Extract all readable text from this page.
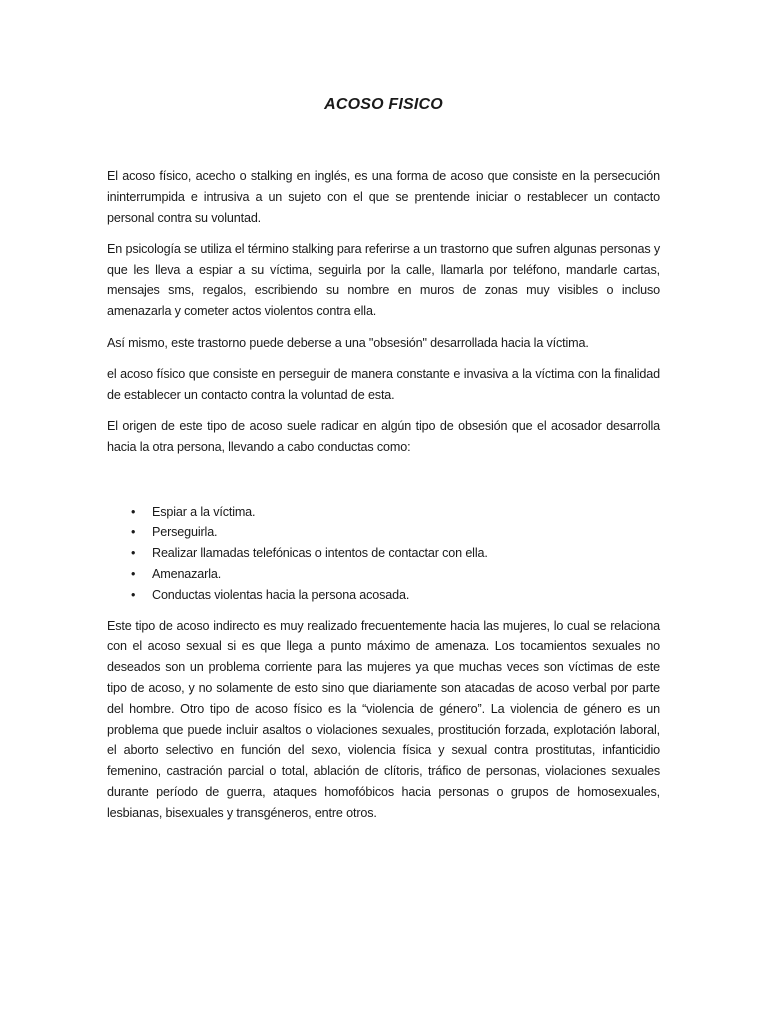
ACOSO FISICO

El acoso físico, acecho o stalking en inglés, es una forma de acoso que consiste en la persecución ininterrumpida e intrusiva a un sujeto con el que se prentende iniciar o restablecer un contacto personal contra su voluntad.

En psicología se utiliza el término stalking para referirse a un trastorno que sufren algunas personas y que les lleva a espiar a su víctima, seguirla por la calle, llamarla por teléfono, mandarle cartas, mensajes sms, regalos, escribiendo su nombre en muros de zonas muy visibles o incluso amenazarla y cometer actos violentos contra ella.

Así mismo, este trastorno puede deberse a una "obsesión" desarrollada hacia la víctima.

el acoso físico que consiste en perseguir de manera constante e invasiva a la víctima con la finalidad de establecer un contacto contra la voluntad de esta.

El origen de este tipo de acoso suele radicar en algún tipo de obsesión que el acosador desarrolla hacia la otra persona, llevando a cabo conductas como:

• Espiar a la víctima.
• Perseguirla.
• Realizar llamadas telefónicas o intentos de contactar con ella.
• Amenazarla.
• Conductas violentas hacia la persona acosada.

Este tipo de acoso indirecto es muy realizado frecuentemente hacia las mujeres, lo cual se relaciona con el acoso sexual si es que llega a punto máximo de amenaza. Los tocamientos sexuales no deseados son un problema corriente para las mujeres ya que muchas veces son víctimas de este tipo de acoso, y no solamente de esto sino que diariamente son atacadas de acoso verbal por parte del hombre. Otro tipo de acoso físico es la “violencia de género”. La violencia de género es un problema que puede incluir asaltos o violaciones sexuales, prostitución forzada, explotación laboral, el aborto selectivo en función del sexo, violencia física y sexual contra prostitutas, infanticidio femenino, castración parcial o total, ablación de clítoris, tráfico de personas, violaciones sexuales durante período de guerra, ataques homofóbicos hacia personas o grupos de homosexuales, lesbianas, bisexuales y transgéneros, entre otros.
